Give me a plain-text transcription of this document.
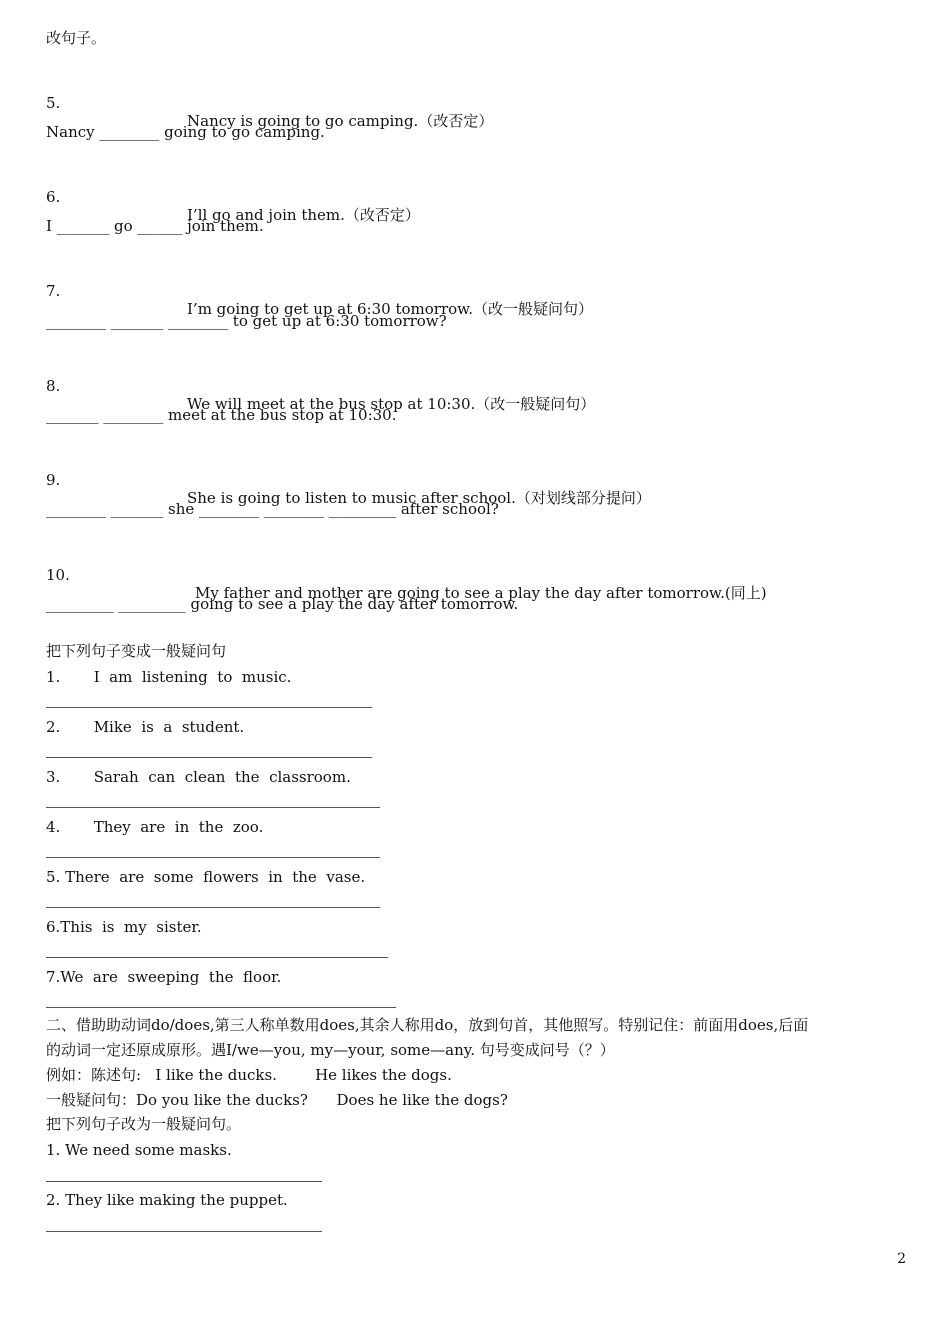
改句子。

5.

Nancy is going to go camping.（改否定）

Nancy ________ going to go camping.

6.

I’ll go and join them.（改否定）

I _______ go ______ join them.

7.

I’m going to get up at 6:30 tomorrow.（改一般疑问句）

________ _______ ________ to get up at 6:30 tomorrow?

8.

We will meet at the bus stop at 10:30.（改一般疑问句）

_______ ________ meet at the bus stop at 10:30.

9.

She is going to listen to music after school.（对划线部分提问）

________ _______ she ________ ________ _________ after school?

10.

My father and mother are going to see a play the day after tomorrow.(同上)

_________ _________ going to see a play the day after tomorrow.
把下列句子变成一般疑问句
1.       I  am  listening  to  music.
2.       Mike  is  a  student.
3.       Sarah  can  clean  the  classroom.
4.       They  are  in  the  zoo.
5. There  are  some  flowers  in  the  vase.
6.This  is  my  sister.
7.We  are  sweeping  the  floor.
二、借助助动词do/does,第三人称单数用does,其余人称用do，放到句首，其他照写。特别记住：前面用does,后面
的动词一定还原成原形。遇I/we—you, my—your, some—any. 句号变成问号（？）
例如：陈述句:   I like the ducks.        He likes the dogs.
一般疑问句：Do you like the ducks?      Does he like the dogs?
把下列句子改为一般疑问句。
1. We need some masks.
2. They like making the puppet.
2
